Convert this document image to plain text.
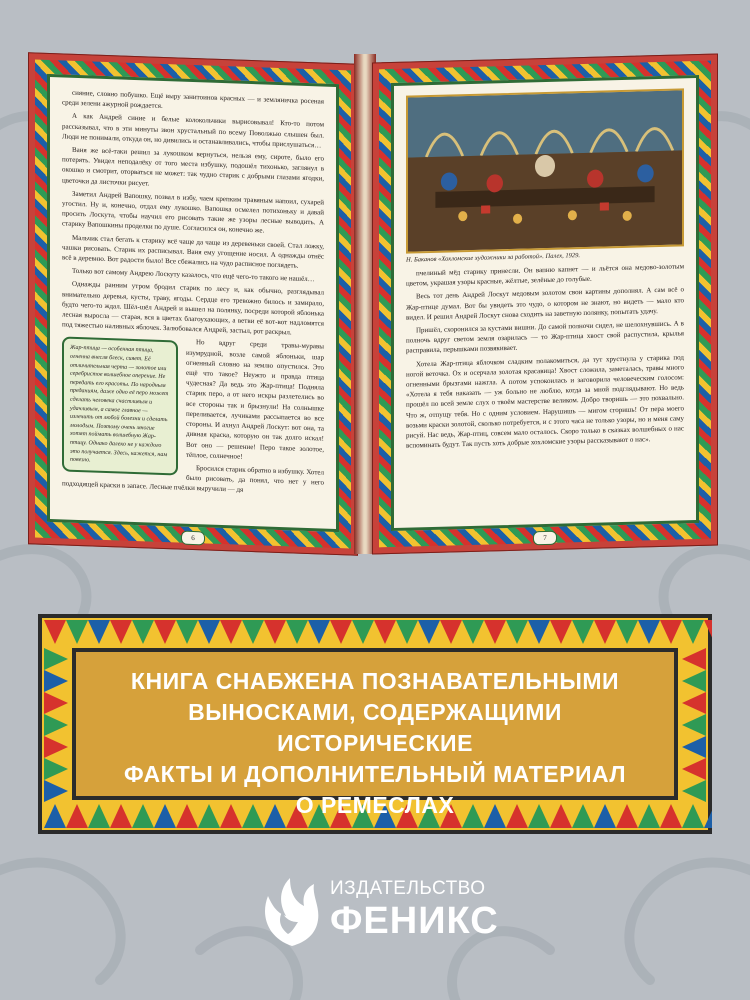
сияние, словно побушко. Ещё выру занитоинов красных — и земляничка росеная среди зелени ажурной рождается.

А как Андрей синие и белые колокольчики вырисовывал! Кто-то потом рассказывал, что в эти минуты звон хрустальный по всему Поволжью слышен был. Люди не понимали, откуда он, но дивились и останавливались, чтобы прислушаться…

Ваня же всё-таки решил за лукошком вернуться, нельзя ему, сироте, было его потерять. Увидел неподалёку от того места избушку, подошёл тихонько, заглянул в окошко и смотрит, оторваться не может: так чудно старик с добрыми глазами ягодки, цветочки да листочки рисует.

Заметил Андрей Вапошку, позвал в избу, чаем крепким травяным напоил, сухарей угостил. Ну и, конечно, отдал ему лукошко. Вапошка осмелел потихоньку и давай просить Лоскута, чтобы научил его рисовать такие же узоры лесные выводить. А старику Вапошкины проделки по душе. Согласился он, конечно же.

Мальчик стал бегать к старику всё чаще да чаще из деревеньки своей. Стал ложку, чашки рисовать. Старик их расписывал. Ваня ему угощение носил. А однажды отнёс всё в деревню. Вот радости было! Все сбежались на чудо расписное поглядеть.

Только вот самому Андрею Лоскуту казалось, что ещё чего-то такого не нашёл…

Однажды ранним утром бродил старик по лесу и, как обычно, разглядывал внимательно деревья, кусты, траву, ягоды. Сердце его тревожно билось и замирало, будто чего-то ждал. Шёл-шёл Андрей и вышел на полянку, посреди которой яблонька лесная выросла — старая, вся в цветах благоухающих, а ветви её вот-вот надломятся под тяжестью наливных яблочек. Залюбовался Андрей, застыл, рот раскрыл.

Жар-птица — особенная птица, огненна внесля блеск, сияет. Её отличительная черта — золотое или серебристое волшебное оперение. Не передать его красоты. По народным преданиям, даже одно её перо может сделать человека счастливым и удачливым, а самое главное — излечить от любой болезни и сделать молодым. Поэтому очень многие хотят поймать волшебную Жар-птицу. Однако далеко не у каждого это получается. Здесь, кажется, нам повезло.

Но вдруг среди травы-муравы изумрудной, возле самой яблоньки, шар огненный словно на землю опустился. Это ещё что такое? Неужто и правда птица чудесная? Да ведь это Жар-птица! Подняла старик перо, а от него искры разлетелись во все стороны так и брызнули! На солнышке переливается, лучиками рассыпается во все стороны. И ахнул Андрей Лоскут: вот она, та дивная краска, которую он так долго искал! Вот оно — решение! Перо такое золотое, тёплое, солнечное!

Бросился старик обратно в избушку. Хотел было рисовать, да понял, что нет у него подходящей краски в запасе. Лесные пчёлки выручили — дя

6
Н. Баканов «Хохломские художники за работой». Палех, 1929.

пчелиный мёд старику принесли. Он вапню капнет — и льётся она медово-золотым цветом, украшая узоры красные, жёлтые, зелёные до голубые.

Весь тот день Андрей Лоскут медовым золотом свои картины дополнял. А сам всё о Жар-птице думал. Вот бы увидеть это чудо, о котором не знают, но видеть — мало кто видел. И решил Андрей Лоскут снова сходить на заветную полянку, попытать удачу.

Пришёл, схоронился за кустами вишни. До самой полночи сидел, не шелохнувшись. А в полночь вдруг светом земля озарилась — то Жар-птица хвост свой распустила, крылья расправила, перышками позвякивает.

Хотела Жар-птица яблочком сладким полакомиться, да тут хрустнула у старика под ногой веточка. Ох и осерчала золотая красавица! Хвост сложила, заметалась, травы много огненными брызгами нажгла. А потом успокоилась и заговорила человеческим голосом: «Хотела я тебя наказать — уж больно не люблю, когда за мной подглядывают. Но ведь прошёл по всей земле слух о твоём мастерстве великом. Добро творишь — это похвально. Что ж, отпущу тебя. Но с одним условием. Нарушишь — мигом сгоришь! От пера моего возьми краски золотой, сколько потребуется, и с этого часа не только узоры, но и меня саму рисуй. Нас ведь, Жар-птиц, совсем мало осталось. Скоро только в сказках волшебных о нас вспоминать будут. Так пусть хоть добрые хохломские узоры рассказывают о нас».

7
КНИГА СНАБЖЕНА ПОЗНАВАТЕЛЬНЫМИ
ВЫНОСКАМИ, СОДЕРЖАЩИМИ ИСТОРИЧЕСКИЕ
ФАКТЫ И ДОПОЛНИТЕЛЬНЫЙ МАТЕРИАЛ
О РЕМЕСЛАХ
ИЗДАТЕЛЬСТВО
ФЕНИКС
